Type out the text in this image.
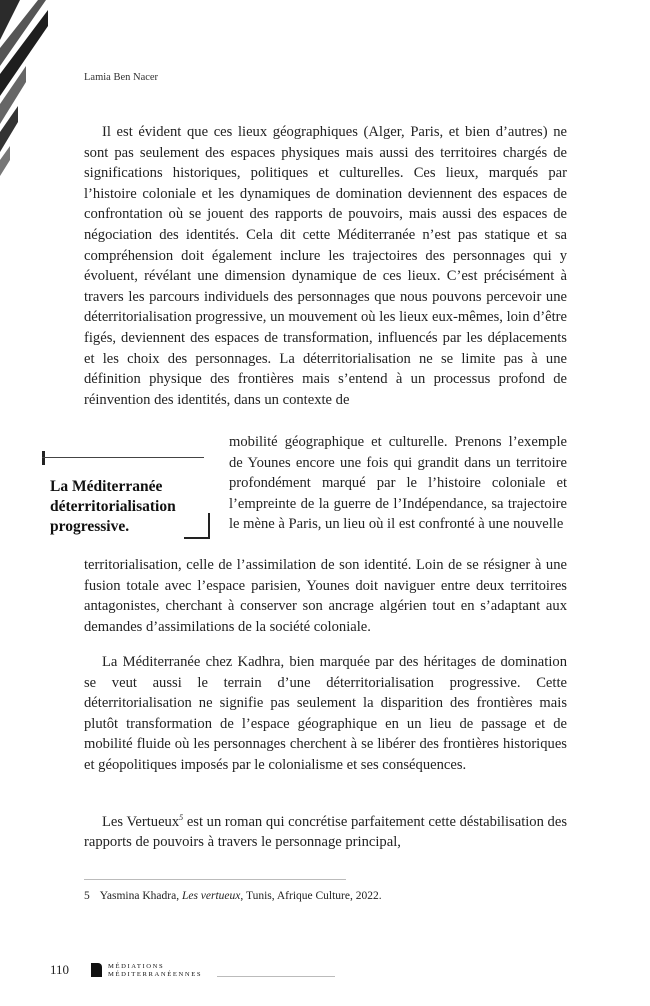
Lamia Ben Nacer

Il est évident que ces lieux géographiques (Alger, Paris, et bien d’autres) ne sont pas seulement des espaces physiques mais aussi des territoires chargés de significations historiques, politiques et culturelles. Ces lieux, marqués par l’histoire coloniale et les dynamiques de domination deviennent des espaces de confrontation où se jouent des rapports de pouvoirs, mais aussi des espaces de négociation des identités. Cela dit cette Méditerranée n’est pas statique et sa compréhension doit également inclure les trajectoires des personnages qui y évoluent, révélant une dimension dynamique de ces lieux. C’est précisément à travers les parcours individuels des personnages que nous pouvons percevoir une déterritorialisation progressive, un mouvement où les lieux eux-mêmes, loin d’être figés, deviennent des espaces de transformation, influencés par les déplacements et les choix des personnages. La déterritorialisation ne se limite pas à une définition physique des frontières mais s’entend à un processus profond de réinvention des identités, dans un contexte de

mobilité géographique et culturelle. Prenons l’exemple de Younes encore une fois qui grandit dans un territoire profondément marqué par le l’histoire coloniale et l’empreinte de la guerre de l’Indépendance, sa trajectoire le mène à Paris, un lieu où il est confronté à une nouvelle

La Méditerranée déterritorialisation progressive.

territorialisation, celle de l’assimilation de son identité. Loin de se résigner à une fusion totale avec l’espace parisien, Younes doit naviguer entre deux territoires antagonistes, cherchant à conserver son ancrage algérien tout en s’adaptant aux demandes d’assimilations de la société coloniale.

La Méditerranée chez Kadhra, bien marquée par des héritages de domination se veut aussi le terrain d’une déterritorialisation progressive. Cette déterritorialisation ne signifie pas seulement la disparition des frontières mais plutôt transformation de l’espace géographique en un lieu de passage et de mobilité fluide où les personnages cherchent à se libérer des frontières historiques et géopolitiques imposés par le colonialisme et ses conséquences.

Les Vertueux$^5$ est un roman qui concrétise parfaitement cette déstabilisation des rapports de pouvoirs à travers le personnage principal,

5 Yasmina Khadra, Les vertueux, Tunis, Afrique Culture, 2022.
110	MÉDIATIONS
MÉDITERRANÉENNES
